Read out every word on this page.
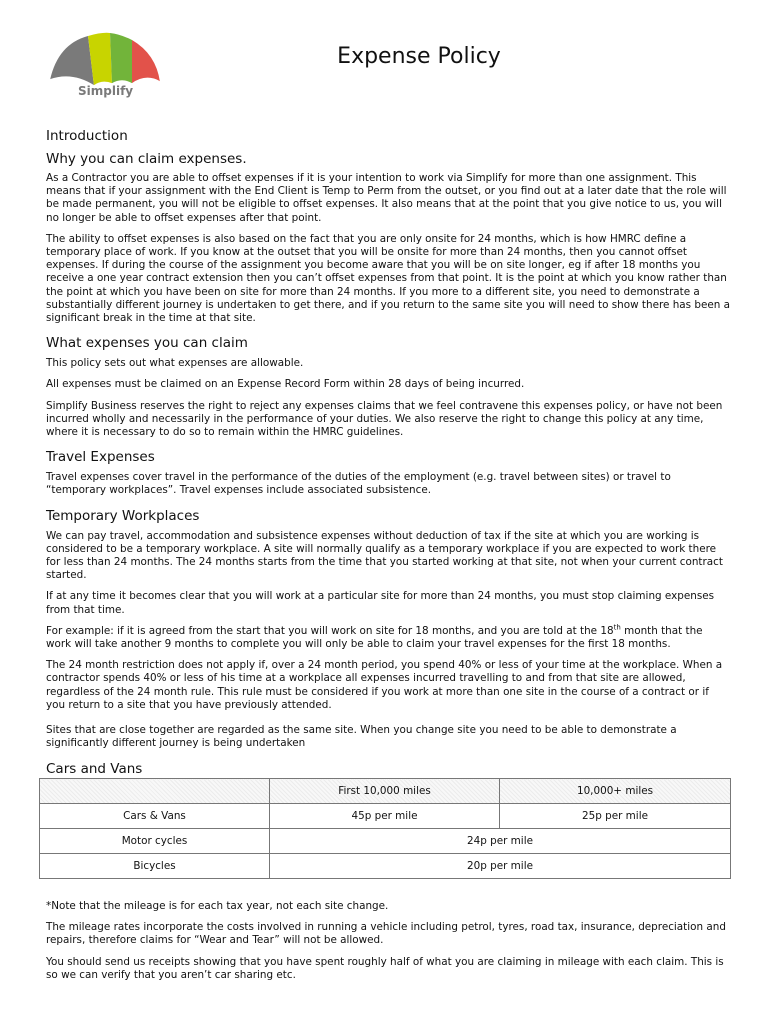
Simplify
Expense Policy
Introduction
Why you can claim expenses.

As a Contractor you are able to offset expenses if it is your intention to work via Simplify for more than one assignment. This means that if your assignment with the End Client is Temp to Perm from the outset, or you find out at a later date that the role will be made permanent, you will not be eligible to offset expenses. It also means that at the point that you give notice to us, you will no longer be able to offset expenses after that point.

The ability to offset expenses is also based on the fact that you are only onsite for 24 months, which is how HMRC define a temporary place of work. If you know at the outset that you will be onsite for more than 24 months, then you cannot offset expenses. If during the course of the assignment you become aware that you will be on site longer, eg if after 18 months you receive a one year contract extension then you can’t offset expenses from that point. It is the point at which you know rather than the point at which you have been on site for more than 24 months. If you more to a different site, you need to demonstrate a substantially different journey is undertaken to get there, and if you return to the same site you will need to show there has been a significant break in the time at that site.

What expenses you can claim

This policy sets out what expenses are allowable.

All expenses must be claimed on an Expense Record Form within 28 days of being incurred.

Simplify Business reserves the right to reject any expenses claims that we feel contravene this expenses policy, or have not been incurred wholly and necessarily in the performance of your duties. We also reserve the right to change this policy at any time, where it is necessary to do so to remain within the HMRC guidelines.

Travel Expenses

Travel expenses cover travel in the performance of the duties of the employment (e.g. travel between sites) or travel to “temporary workplaces”. Travel expenses include associated subsistence.

Temporary Workplaces

We can pay travel, accommodation and subsistence expenses without deduction of tax if the site at which you are working is considered to be a temporary workplace. A site will normally qualify as a temporary workplace if you are expected to work there for less than 24 months. The 24 months starts from the time that you started working at that site, not when your current contract started.

If at any time it becomes clear that you will work at a particular site for more than 24 months, you must stop claiming expenses from that time.

For example: if it is agreed from the start that you will work on site for 18 months, and you are told at the 18th month that the work will take another 9 months to complete you will only be able to claim your travel expenses for the first 18 months.

The 24 month restriction does not apply if, over a 24 month period, you spend 40% or less of your time at the workplace. When a contractor spends 40% or less of his time at a workplace all expenses incurred travelling to and from that site are allowed, regardless of the 24 month rule. This rule must be considered if you work at more than one site in the course of a contract or if you return to a site that you have previously attended.

Sites that are close together are regarded as the same site. When you change site you need to be able to demonstrate a significantly different journey is being undertaken

Cars and Vans
	First 10,000 miles	10,000+ miles
Cars & Vans	45p per mile	25p per mile
Motor cycles	24p per mile	
Bicycles	20p per mile	

*Note that the mileage is for each tax year, not each site change.

The mileage rates incorporate the costs involved in running a vehicle including petrol, tyres, road tax, insurance, depreciation and repairs, therefore claims for “Wear and Tear” will not be allowed.

You should send us receipts showing that you have spent roughly half of what you are claiming in mileage with each claim. This is so we can verify that you aren’t car sharing etc.
